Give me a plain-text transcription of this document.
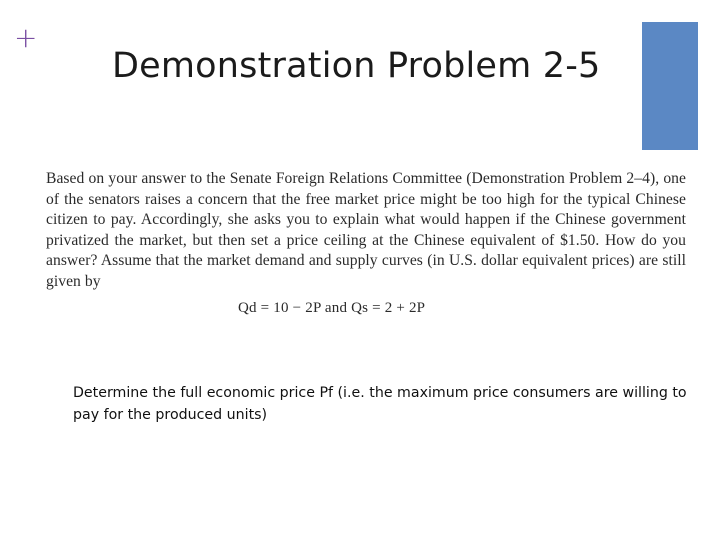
+
Demonstration Problem 2-5

Based on your answer to the Senate Foreign Relations Committee (Demonstration Problem 2–4), one of the senators raises a concern that the free market price might be too high for the typical Chinese citizen to pay. Accordingly, she asks you to explain what would happen if the Chinese government privatized the market, but then set a price ceiling at the Chinese equivalent of $1.50. How do you answer? Assume that the market demand and supply curves (in U.S. dollar equivalent prices) are still given by

Qd = 10 − 2P and Qs = 2 + 2P

Determine the full economic price Pf (i.e. the maximum price consumers are willing to pay for the produced units)
